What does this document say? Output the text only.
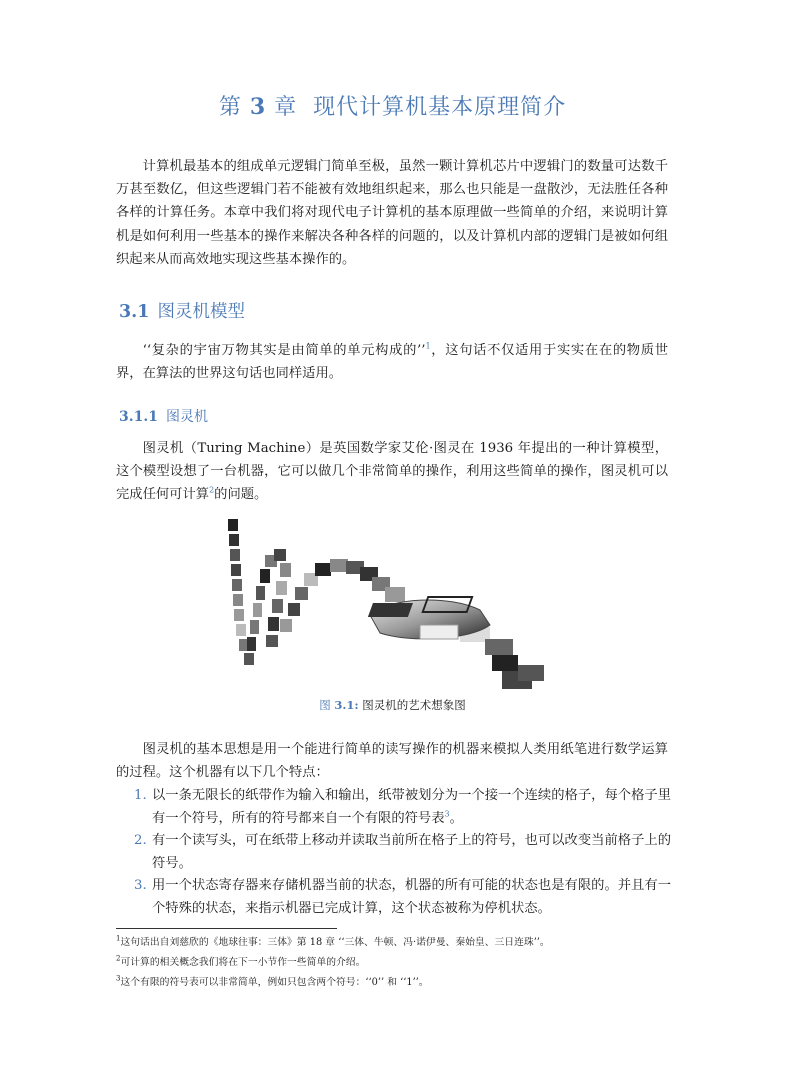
第 3 章 现代计算机基本原理简介
计算机最基本的组成单元逻辑门简单至极，虽然一颗计算机芯片中逻辑门的数量可达数千万甚至数亿，但这些逻辑门若不能被有效地组织起来，那么也只能是一盘散沙，无法胜任各种各样的计算任务。本章中我们将对现代电子计算机的基本原理做一些简单的介绍，来说明计算机是如何利用一些基本的操作来解决各种各样的问题的，以及计算机内部的逻辑门是被如何组织起来从而高效地实现这些基本操作的。
3.1 图灵机模型
‘‘复杂的宇宙万物其实是由简单的单元构成的’’$^1$，这句话不仅适用于实实在在的物质世界，在算法的世界这句话也同样适用。
3.1.1 图灵机
图灵机（Turing Machine）是英国数学家艾伦·图灵在 1936 年提出的一种计算模型，这个模型设想了一台机器，它可以做几个非常简单的操作，利用这些简单的操作，图灵机可以完成任何可计算$^2$的问题。
图 3.1: 图灵机的艺术想象图
图灵机的基本思想是用一个能进行简单的读写操作的机器来模拟人类用纸笔进行数学运算的过程。这个机器有以下几个特点：
1. 以一条无限长的纸带作为输入和输出，纸带被划分为一个接一个连续的格子，每个格子里有一个符号，所有的符号都来自一个有限的符号表$^3$。
2. 有一个读写头，可在纸带上移动并读取当前所在格子上的符号，也可以改变当前格子上的符号。
3. 用一个状态寄存器来存储机器当前的状态，机器的所有可能的状态也是有限的。并且有一个特殊的状态，来指示机器已完成计算，这个状态被称为停机状态。
$^1$这句话出自刘慈欣的《地球往事：三体》第 18 章 ‘‘三体、牛顿、冯·诺伊曼、秦始皇、三日连珠’’。
$^2$可计算的相关概念我们将在下一小节作一些简单的介绍。
$^3$这个有限的符号表可以非常简单，例如只包含两个符号：‘‘0’’ 和 ‘‘1’’。
